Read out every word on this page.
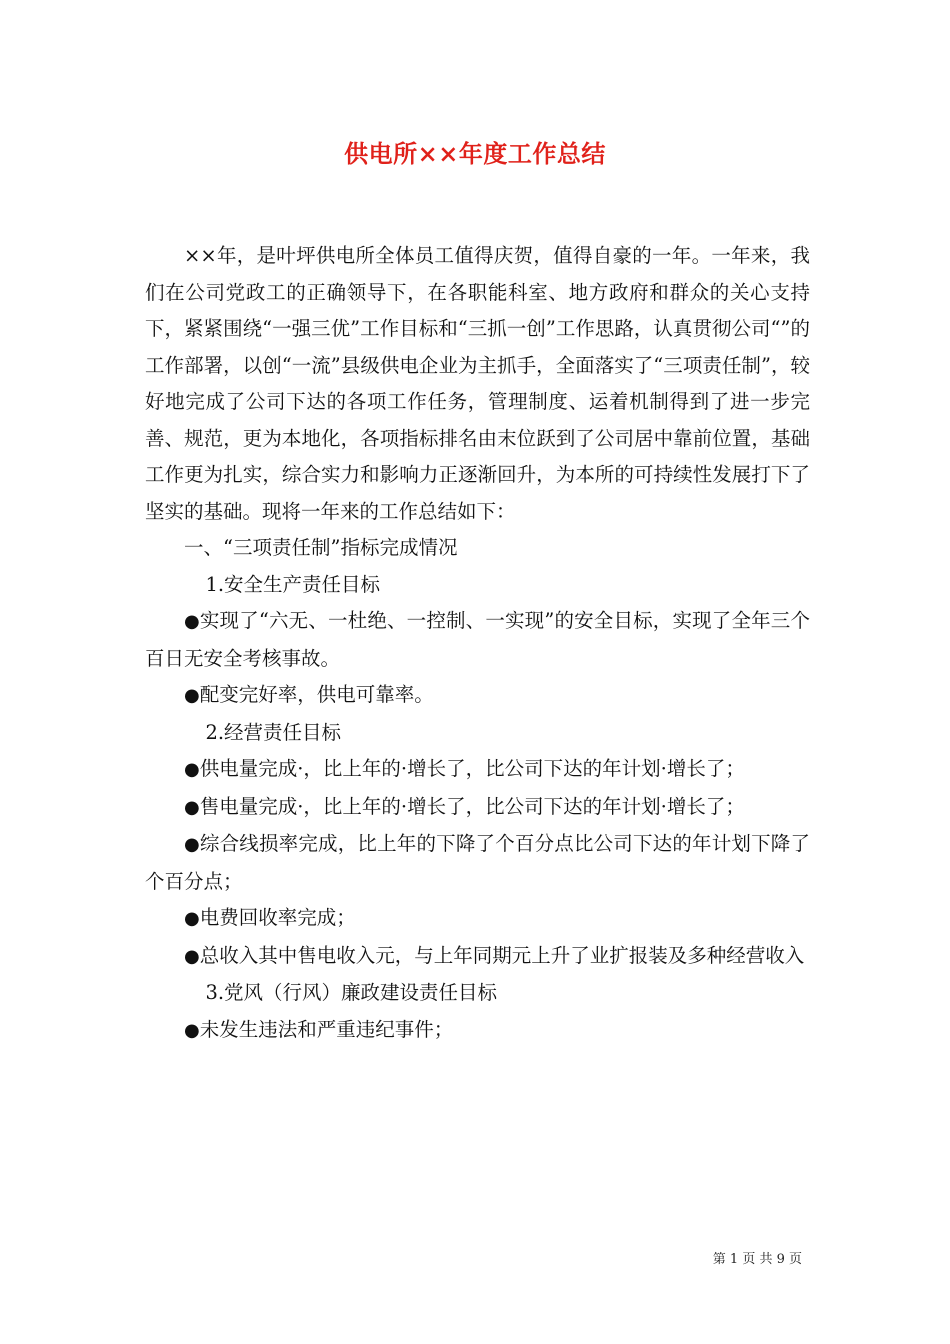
供电所××年度工作总结

××年，是叶坪供电所全体员工值得庆贺，值得自豪的一年。一年来，我们在公司党政工的正确领导下，在各职能科室、地方政府和群众的关心支持下，紧紧围绕“一强三优”工作目标和“三抓一创”工作思路，认真贯彻公司“”的工作部署，以创“一流”县级供电企业为主抓手，全面落实了“三项责任制”，较好地完成了公司下达的各项工作任务，管理制度、运着机制得到了进一步完善、规范，更为本地化，各项指标排名由末位跃到了公司居中靠前位置，基础工作更为扎实，综合实力和影响力正逐渐回升，为本所的可持续性发展打下了坚实的基础。现将一年来的工作总结如下：

一、“三项责任制”指标完成情况

1.安全生产责任目标

●实现了“六无、一杜绝、一控制、一实现”的安全目标，实现了全年三个百日无安全考核事故。

●配变完好率，供电可靠率。

2.经营责任目标

●供电量完成·，比上年的·增长了，比公司下达的年计划·增长了；

●售电量完成·，比上年的·增长了，比公司下达的年计划·增长了；

●综合线损率完成，比上年的下降了个百分点比公司下达的年计划下降了个百分点；

●电费回收率完成；

●总收入其中售电收入元，与上年同期元上升了业扩报装及多种经营收入

3.党风（行风）廉政建设责任目标

●未发生违法和严重违纪事件；

第 1 页 共 9 页
